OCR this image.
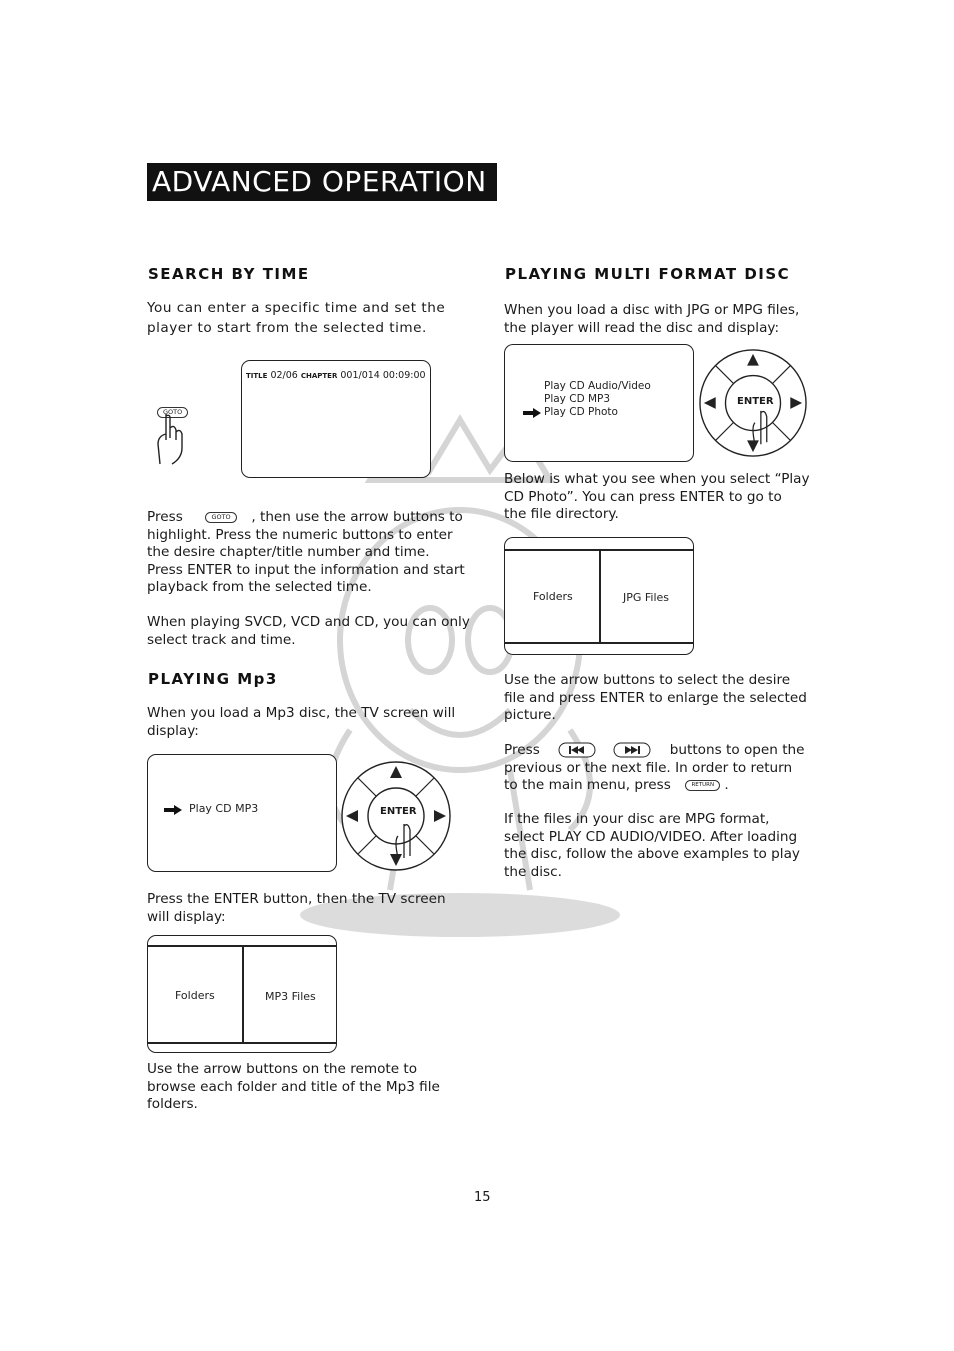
ADVANCED OPERATION
SEARCH BY TIME
You can enter a specific time and set the
player to start from the selected time.
GOTO
TITLE 02/06 CHAPTER 001/014 00:09:00
Press	GOTO , then use the arrow buttons to
highlight. Press the numeric buttons to enter
the desire chapter/title number and time.
Press ENTER to input the information and start
playback from the selected time.
When playing SVCD, VCD and CD, you can only
select track and time.
PLAYING Mp3
When you load a Mp3 disc, the TV screen will
display:
Play CD MP3	ENTER
Press the ENTER button, then the TV screen
will display:
Folders	MP3 Files
Use the arrow buttons on the remote to
browse each folder and title of the Mp3 file
folders.
PLAYING MULTI FORMAT DISC
When you load a disc with JPG or MPG files,
the player will read the disc and display:
Play CD Audio/Video
Play CD MP3
Play CD Photo
ENTER
Below is what you see when you select “Play
CD Photo”. You can press ENTER to go to
the file directory.
Folders	JPG Files
Use the arrow buttons to select the desire
file and press ENTER to enlarge the selected
picture.
Press	buttons to open the
previous or the next file. In order to return
to the main menu, press	RETURN .
If the files in your disc are MPG format,
select PLAY CD AUDIO/VIDEO. After loading
the disc, follow the above examples to play
the disc.
15
